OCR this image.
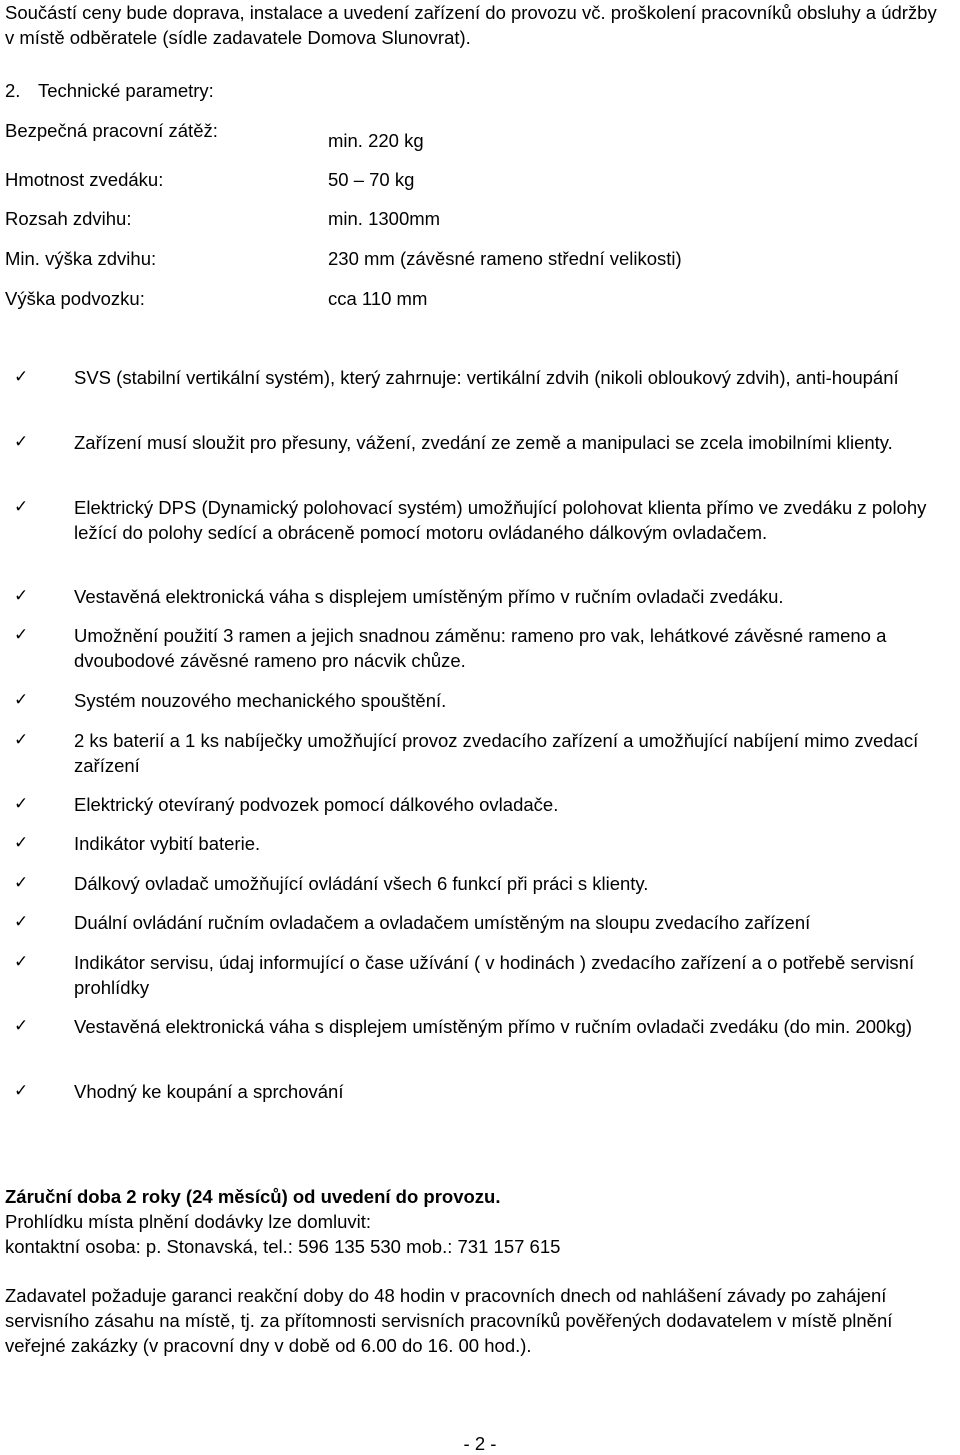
Součástí ceny bude doprava, instalace a uvedení zařízení do provozu vč. proškolení pracovníků obsluhy a údržby v místě odběratele (sídle zadavatele Domova Slunovrat).
2. Technické parametry:
Bezpečná pracovní zátěž:	min. 220 kg
Hmotnost zvedáku:	50 – 70 kg
Rozsah zdvihu:	min. 1300mm
Min. výška zdvihu:	230 mm (závěsné rameno střední velikosti)
Výška podvozku:	cca 110 mm
✓ SVS (stabilní vertikální systém), který zahrnuje: vertikální zdvih (nikoli obloukový zdvih), anti-houpání
✓ Zařízení musí sloužit pro přesuny, vážení, zvedání ze země a manipulaci se zcela imobilními klienty.
✓ Elektrický DPS (Dynamický polohovací systém) umožňující polohovat klienta přímo ve zvedáku z polohy ležící do polohy sedící a obráceně pomocí motoru ovládaného dálkovým ovladačem.
✓ Vestavěná elektronická váha s displejem umístěným přímo v ručním ovladači zvedáku.
✓ Umožnění použití 3 ramen a jejich snadnou záměnu: rameno pro vak, lehátkové závěsné rameno a dvoubodové závěsné rameno pro nácvik chůze.
✓ Systém nouzového mechanického spouštění.
✓ 2 ks baterií a 1 ks nabíječky umožňující provoz zvedacího zařízení a umožňující nabíjení mimo zvedací zařízení
✓ Elektrický otevíraný podvozek pomocí dálkového ovladače.
✓ Indikátor vybití baterie.
✓ Dálkový ovladač umožňující ovládání všech 6 funkcí při práci s klienty.
✓ Duální ovládání ručním ovladačem a ovladačem umístěným na sloupu zvedacího zařízení
✓ Indikátor servisu, údaj informující o čase užívání ( v hodinách ) zvedacího zařízení a o potřebě servisní prohlídky
✓ Vestavěná elektronická váha s displejem umístěným přímo v ručním ovladači zvedáku (do min. 200kg)
✓ Vhodný ke koupání a sprchování
Záruční doba 2 roky (24 měsíců) od uvedení do provozu.
Prohlídku místa plnění dodávky lze domluvit:
kontaktní osoba: p. Stonavská, tel.: 596 135 530 mob.: 731 157 615
Zadavatel požaduje garanci reakční doby do 48 hodin v pracovních dnech od nahlášení závady po zahájení servisního zásahu na místě, tj. za přítomnosti servisních pracovníků pověřených dodavatelem v místě plnění veřejné zakázky (v pracovní dny v době od 6.00 do 16. 00 hod.).
- 2 -
